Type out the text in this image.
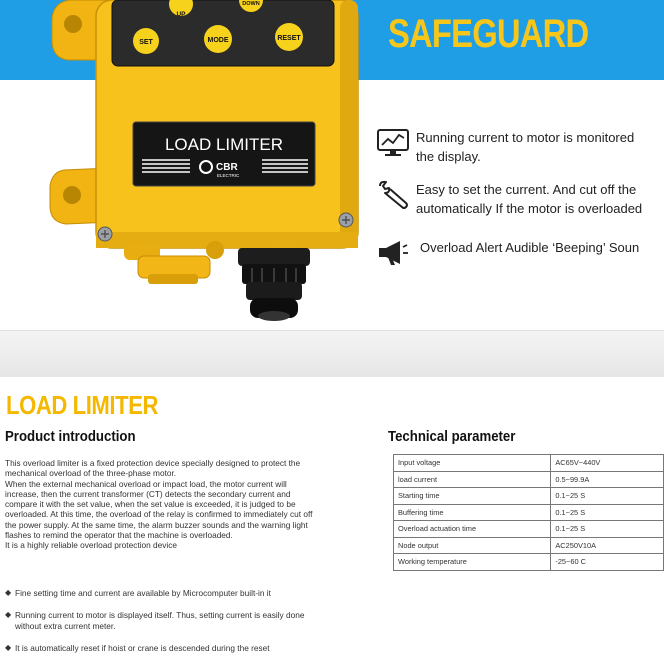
UP
DOWN
SET	MODE	RESET
LOAD LIMITER
CBR
ELECTRIC
SAFEGUARD
Running current to motor is monitored
the display.
Easy to set the current. And cut off the
automatically If the motor is overloaded
Overload Alert Audible ‘Beeping’ Soun
LOAD LIMITER
Product introduction	Technical parameter

This overload limiter is a fixed protection device specially designed to protect the mechanical overload of the three-phase motor.

When the external mechanical overload or impact load, the motor current will increase, then the current transformer (CT) detects the secondary current and compare it with the set value, when the set value is exceeded, it is judged to be overloaded. At this time, the overload of the relay is confirmed to immediately cut off the power supply. At the same time, the alarm buzzer sounds and the warning light flashes to remind the operator that the machine is overloaded.

It is a highly reliable overload protection device

◆ Fine setting time and current are available by Microcomputer built-in it
◆ Running current to motor is displayed itself. Thus, setting current is easily done without extra current meter.
◆ It is automatically reset if hoist or crane is descended during the reset
Input voltage	AC65V~440V
load current	0.5~99.9A
Starting time	0.1~25 S
Buffering time	0.1~25 S
Overload actuation time	0.1~25 S
Node output	AC250V10A
Working temperature	-25~60 C
